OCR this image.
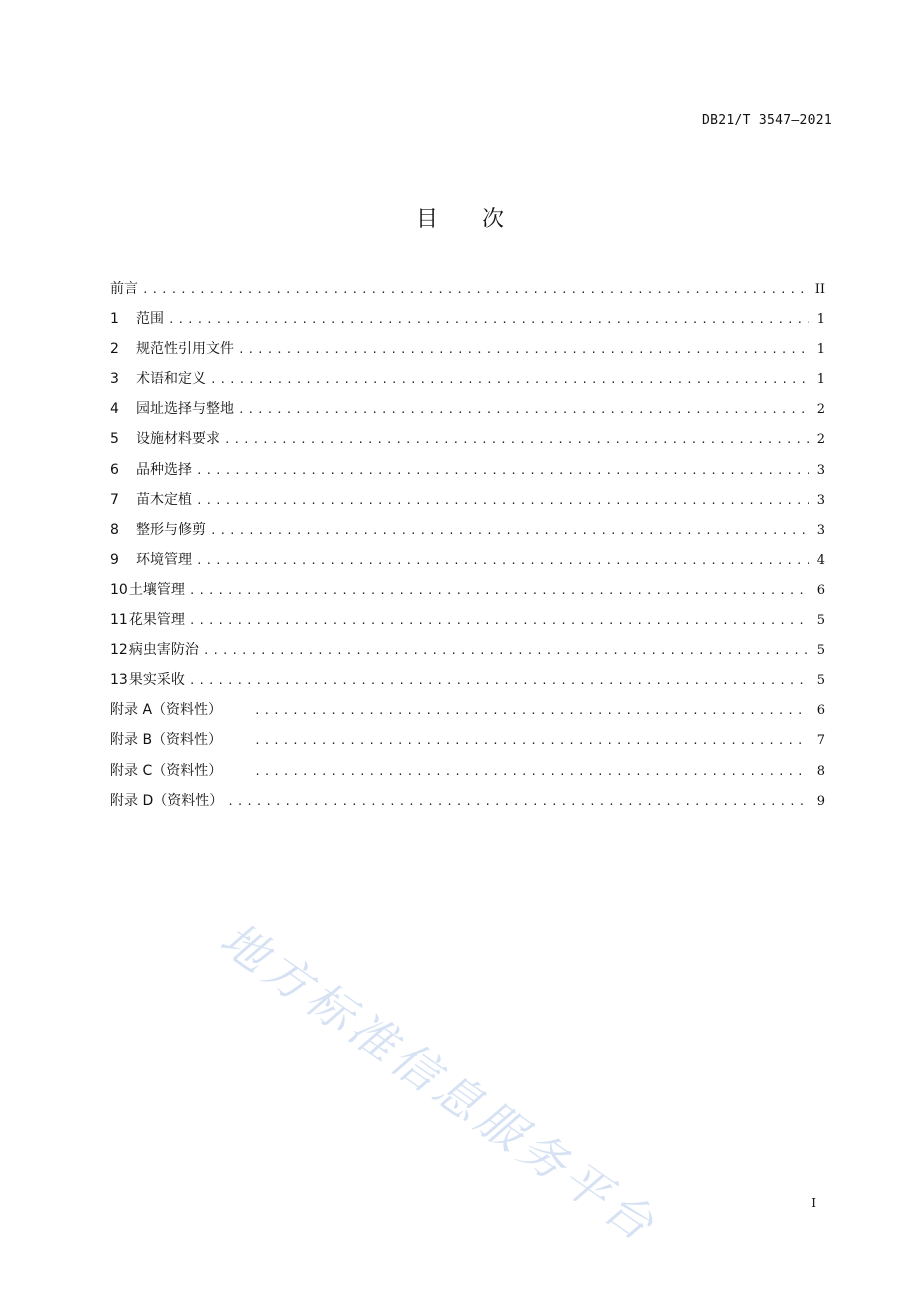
DB21/T 3547—2021
目 次
前言 .....	II
1	范围 .....	1
2	规范性引用文件 .....	1
3	术语和定义 .....	1
4	园址选择与整地 .....	2
5	设施材料要求 .....	2
6	品种选择 .....	3
7	苗木定植 .....	3
8	整形与修剪 .....	3
9	环境管理 .....	4
10 土壤管理 .....	6
11 花果管理 .....	5
12 病虫害防治 .....	5
13 果实采收 .....	5
附录 A（资料性） .....	6
附录 B（资料性） .....	7
附录 C（资料性） .....	8
附录 D（资料性） .....	9
地方标准信息服务平台	I
